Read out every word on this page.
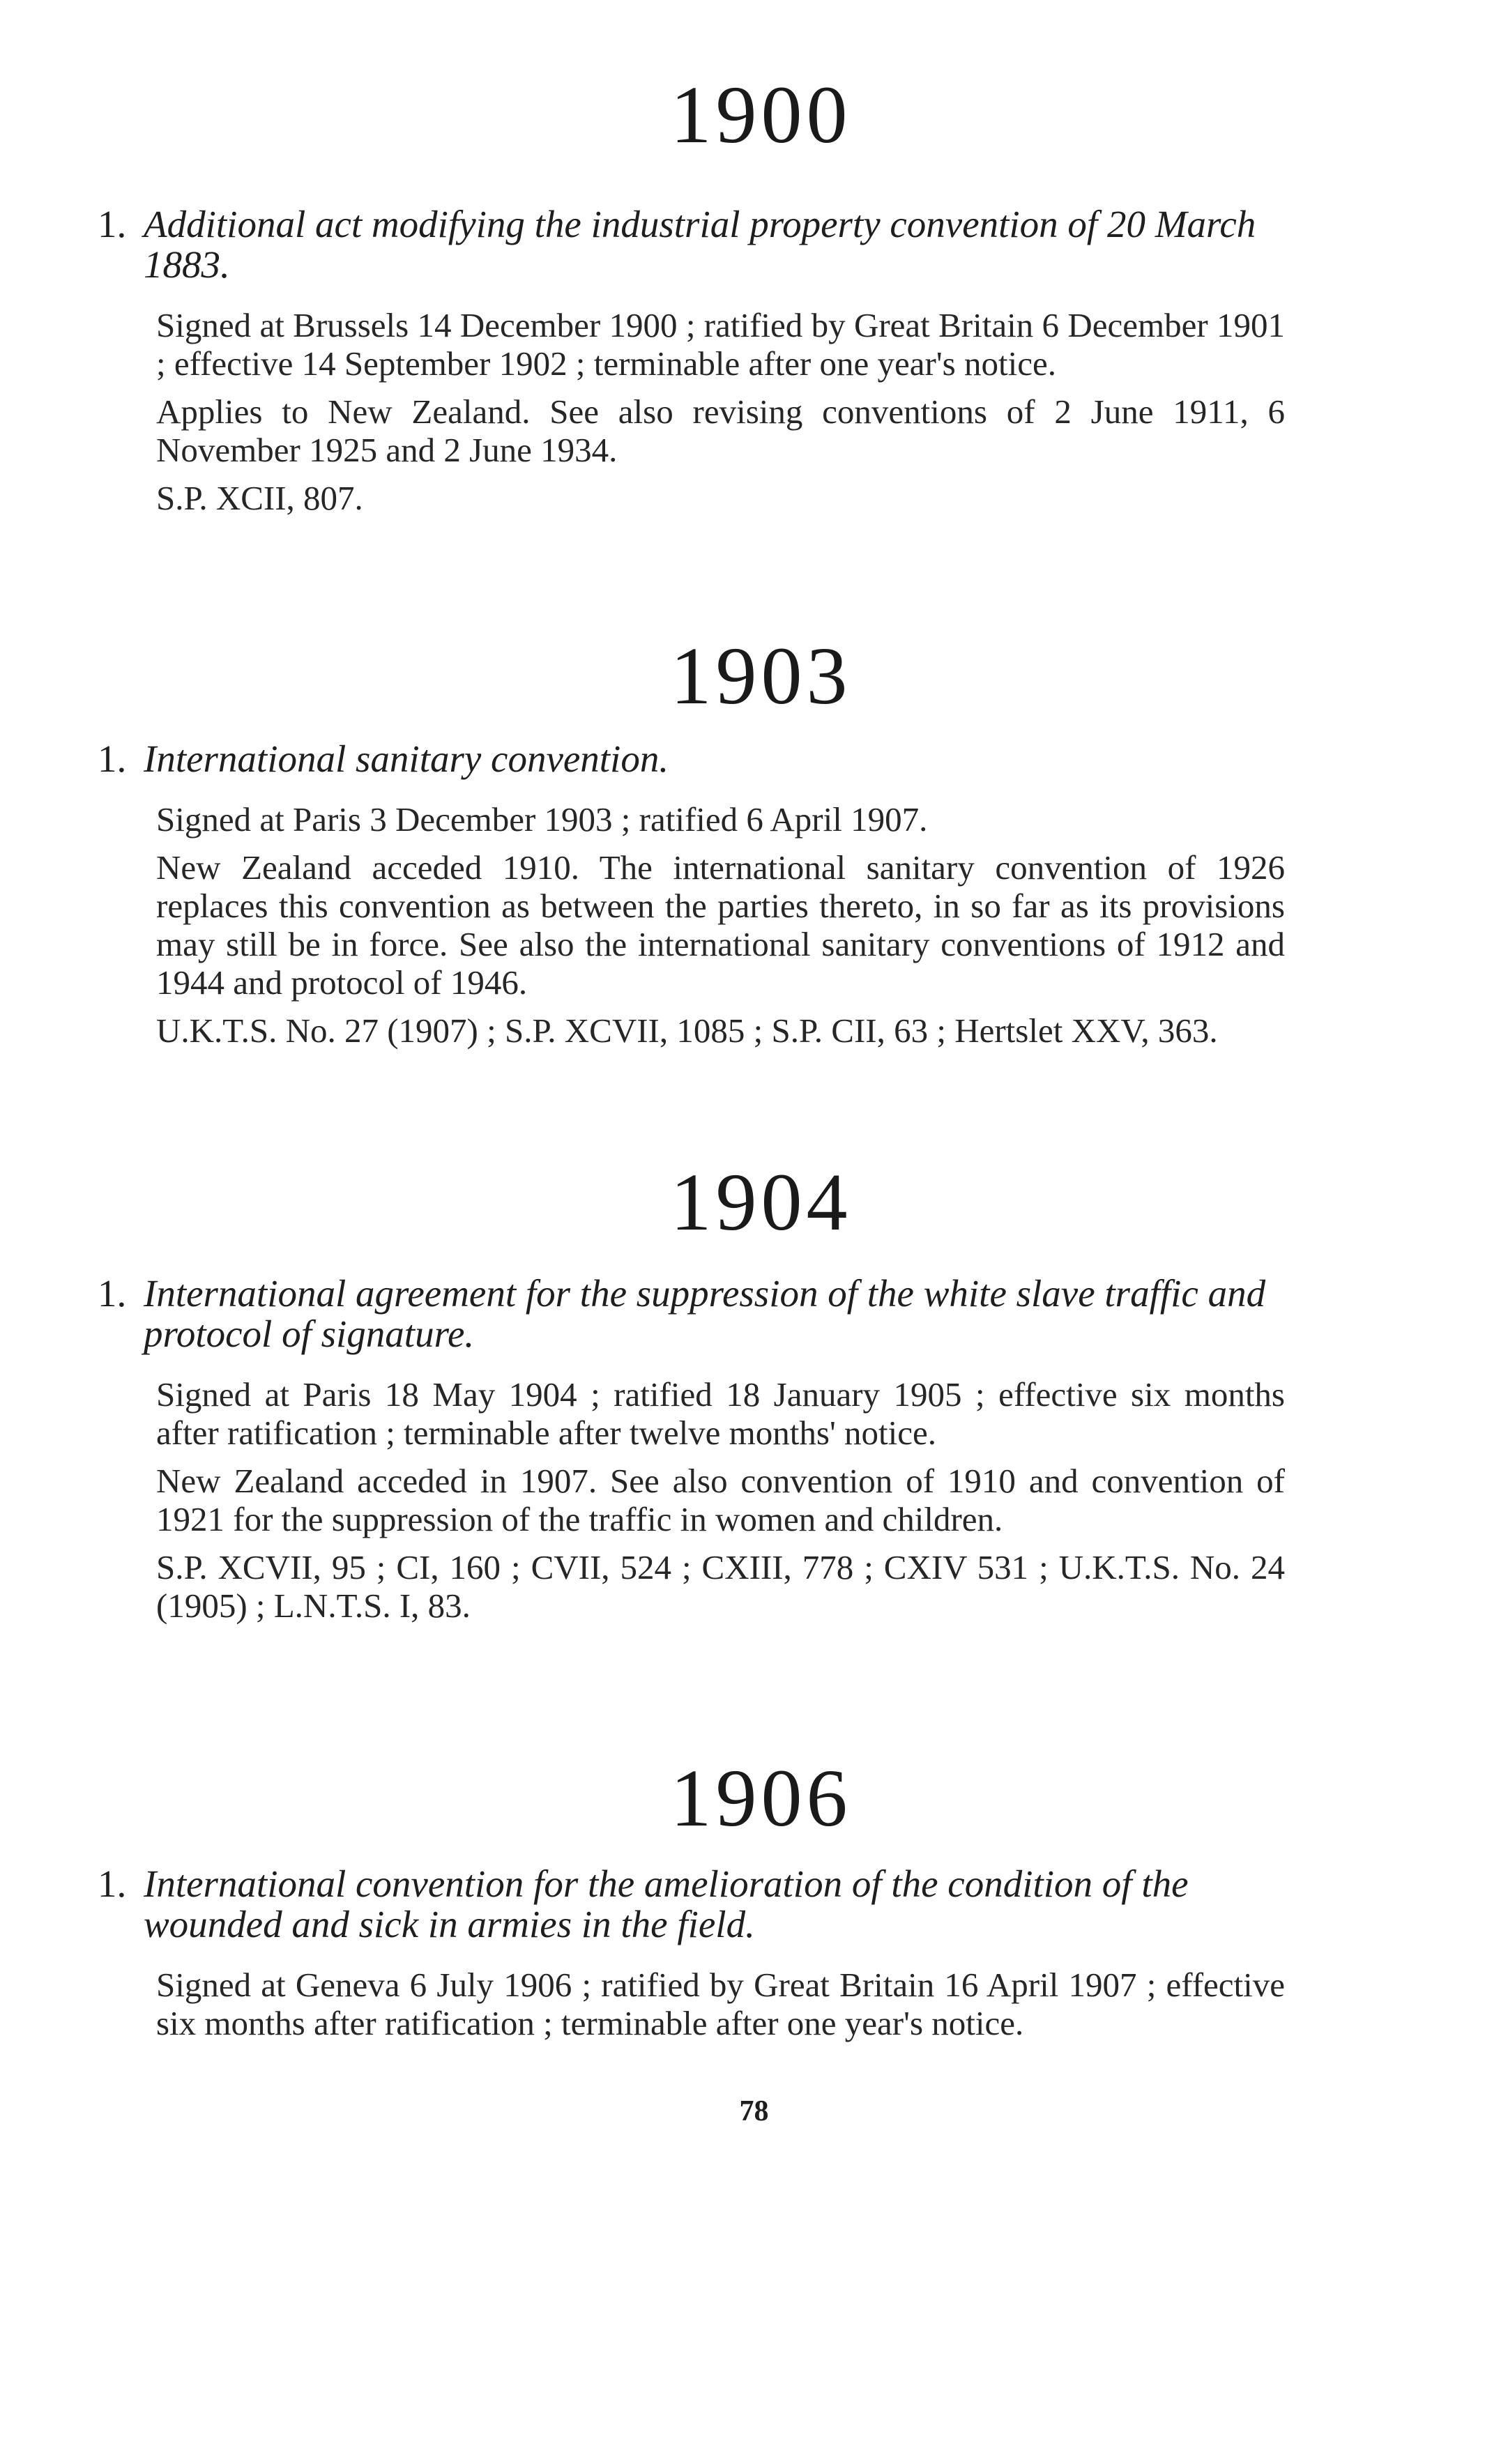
1900

1. Additional act modifying the industrial property convention of 20 March 1883.

Signed at Brussels 14 December 1900 ; ratified by Great Britain 6 December 1901 ; effective 14 September 1902 ; terminable after one year's notice.

Applies to New Zealand. See also revising conventions of 2 June 1911, 6 November 1925 and 2 June 1934.

S.P. XCII, 807.

1903

1. International sanitary convention.

Signed at Paris 3 December 1903 ; ratified 6 April 1907.

New Zealand acceded 1910. The international sanitary convention of 1926 replaces this convention as between the parties thereto, in so far as its provisions may still be in force. See also the international sanitary conventions of 1912 and 1944 and protocol of 1946.

U.K.T.S. No. 27 (1907) ; S.P. XCVII, 1085 ; S.P. CII, 63 ; Hertslet XXV, 363.

1904

1. International agreement for the suppression of the white slave traffic and protocol of signature.

Signed at Paris 18 May 1904 ; ratified 18 January 1905 ; effective six months after ratification ; terminable after twelve months' notice.

New Zealand acceded in 1907. See also convention of 1910 and convention of 1921 for the suppression of the traffic in women and children.

S.P. XCVII, 95 ; CI, 160 ; CVII, 524 ; CXIII, 778 ; CXIV 531 ; U.K.T.S. No. 24 (1905) ; L.N.T.S. I, 83.

1906

1. International convention for the amelioration of the condition of the wounded and sick in armies in the field.

Signed at Geneva 6 July 1906 ; ratified by Great Britain 16 April 1907 ; effective six months after ratification ; terminable after one year's notice.

78
